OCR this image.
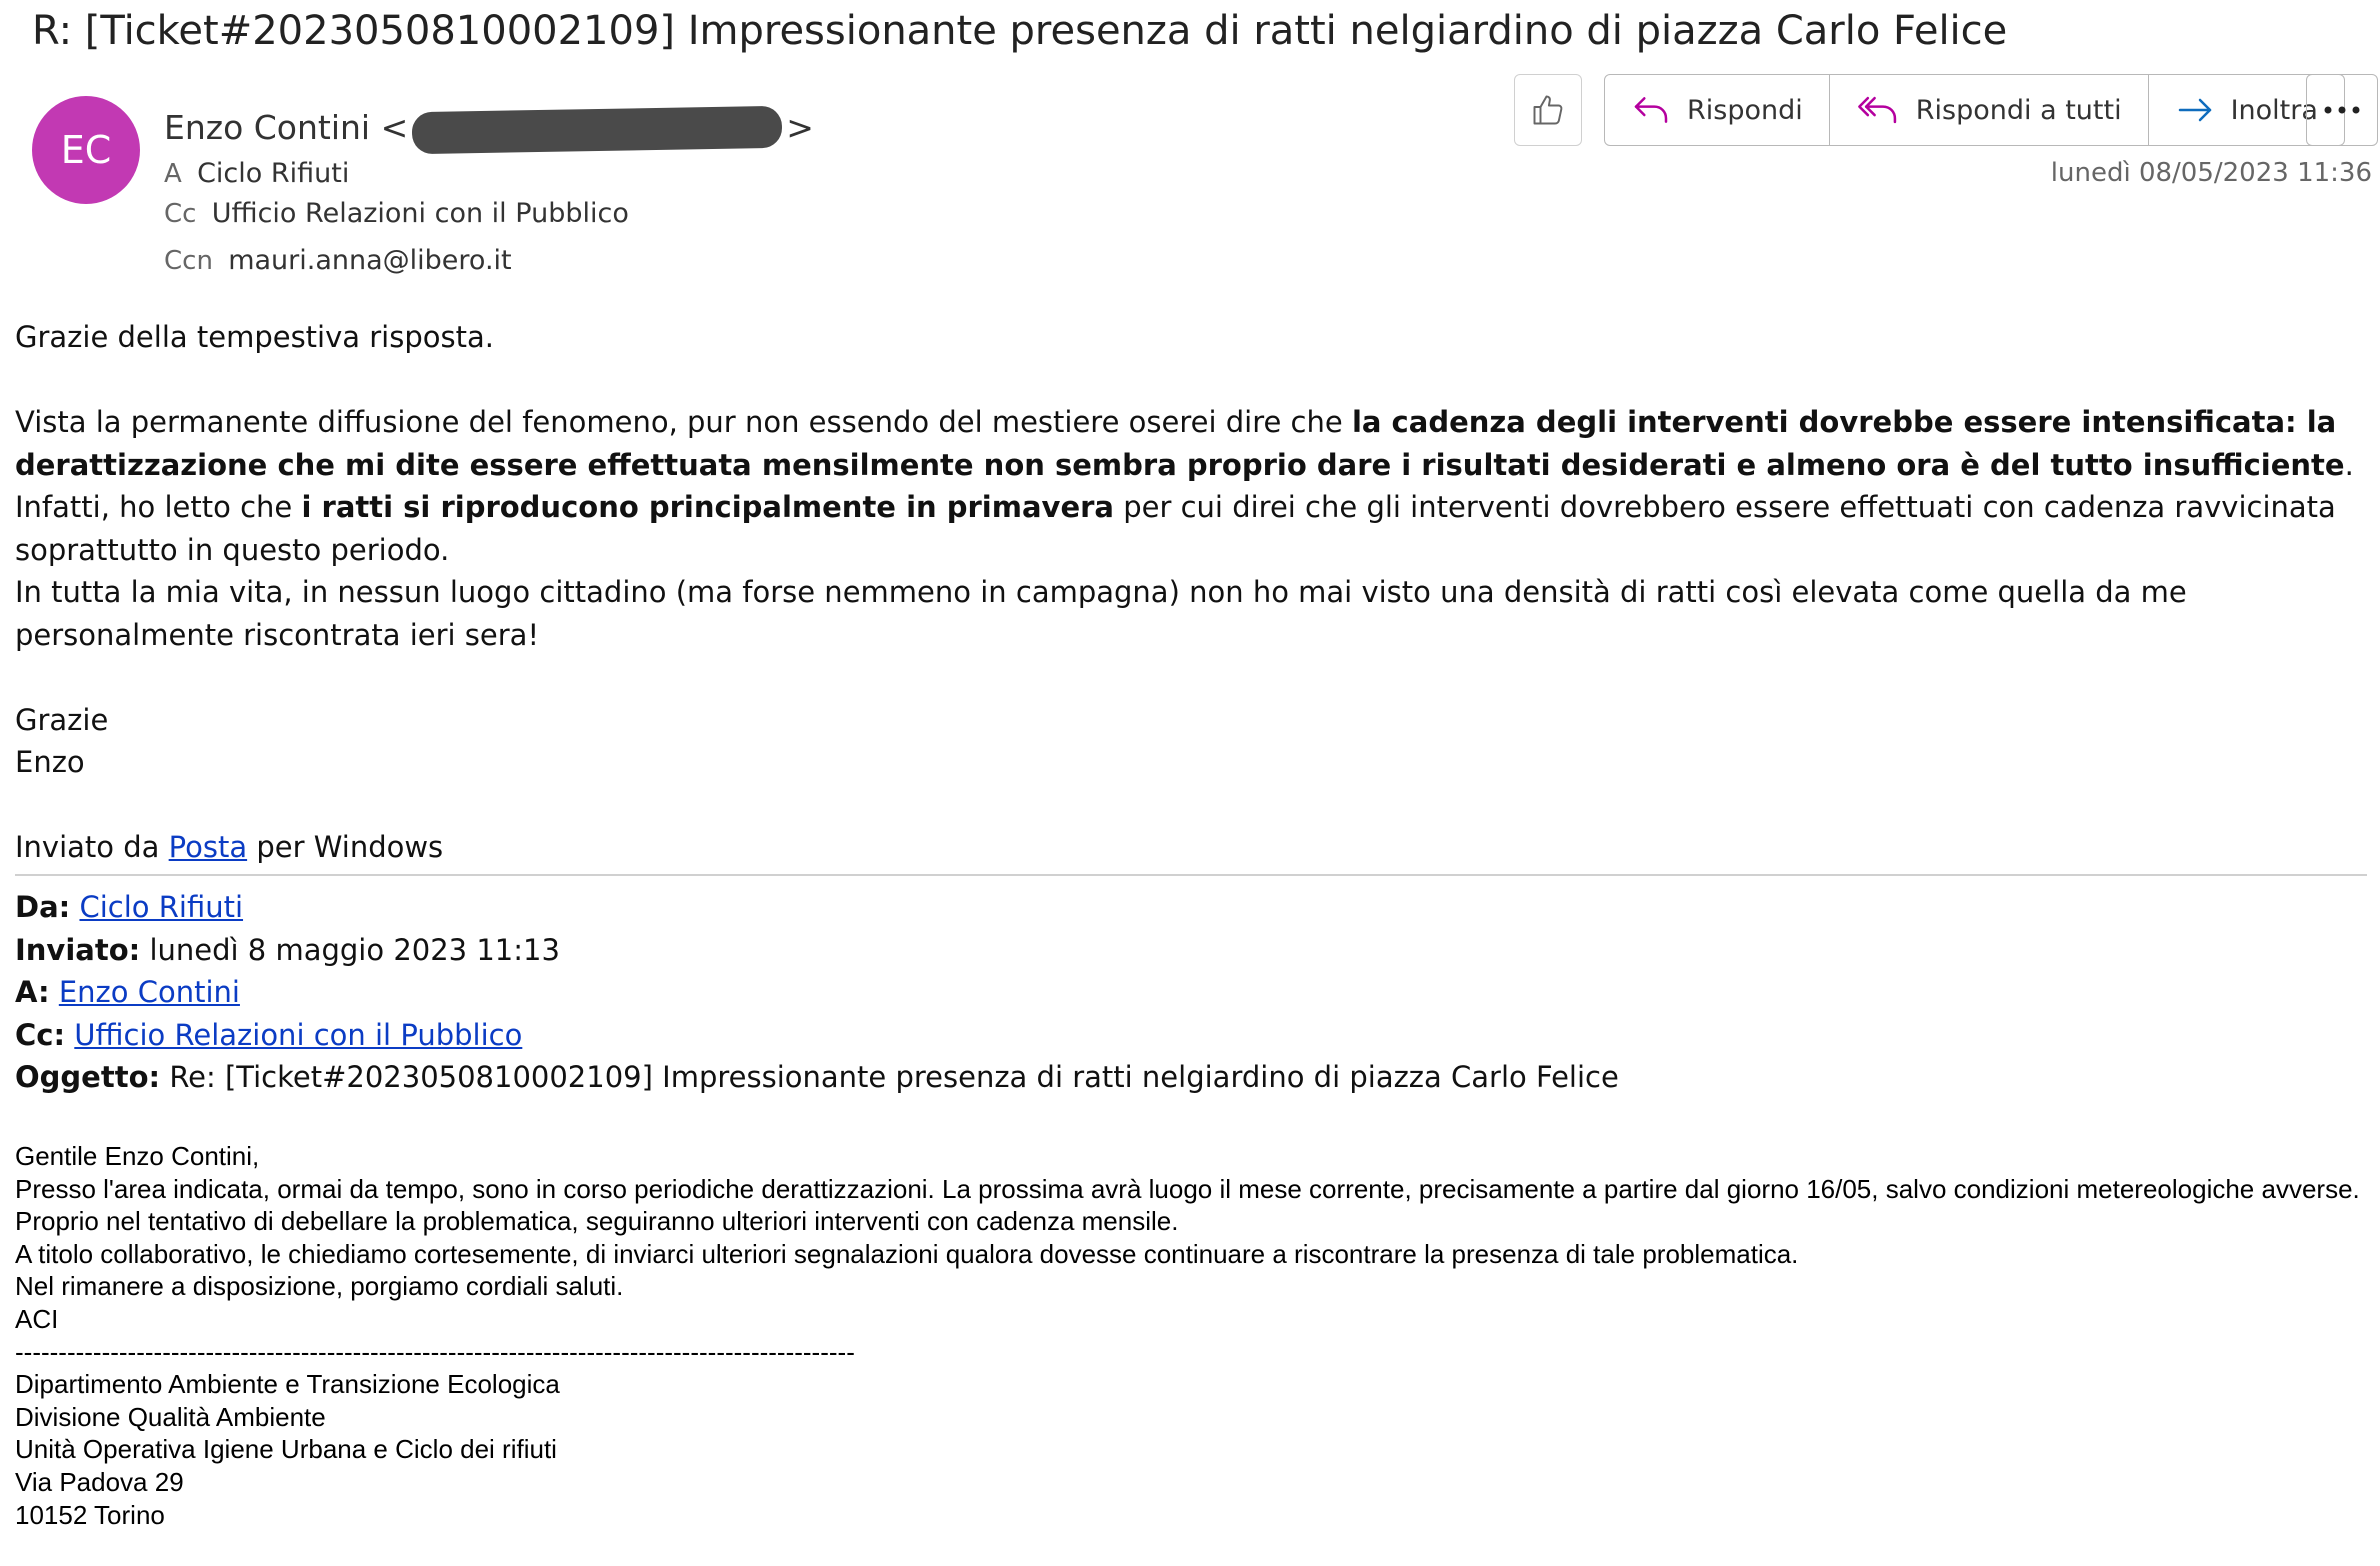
R: [Ticket#2023050810002109] Impressionante presenza di ratti nelgiardino di piazza Carlo Felice
EC
Enzo Contini <	>
A Ciclo Rifiuti
Cc Ufficio Relazioni con il Pubblico
Ccn mauri.anna@libero.it
lunedì 08/05/2023 11:36
Rispondi	Rispondi a tutti	Inoltra

Grazie della tempestiva risposta.

Vista la permanente diffusione del fenomeno, pur non essendo del mestiere oserei dire che la cadenza degli interventi dovrebbe essere intensificata: la derattizzazione che mi dite essere effettuata mensilmente non sembra proprio dare i risultati desiderati e almeno ora è del tutto insufficiente. Infatti, ho letto che i ratti si riproducono principalmente in primavera per cui direi che gli interventi dovrebbero essere effettuati con cadenza ravvicinata soprattutto in questo periodo.

In tutta la mia vita, in nessun luogo cittadino (ma forse nemmeno in campagna) non ho mai visto una densità di ratti così elevata come quella da me personalmente riscontrata ieri sera!

Grazie

Enzo

Inviato da Posta per Windows

Da: Ciclo Rifiuti
Inviato: lunedì 8 maggio 2023 11:13
A: Enzo Contini
Cc: Ufficio Relazioni con il Pubblico
Oggetto: Re: [Ticket#2023050810002109] Impressionante presenza di ratti nelgiardino di piazza Carlo Felice
Gentile Enzo Contini,
Presso l'area indicata, ormai da tempo, sono in corso periodiche derattizzazioni. La prossima avrà luogo il mese corrente, precisamente a partire dal giorno 16/05, salvo condizioni metereologiche avverse.
Proprio nel tentativo di debellare la problematica, seguiranno ulteriori interventi con cadenza mensile.
A titolo collaborativo, le chiediamo cortesemente, di inviarci ulteriori segnalazioni qualora dovesse continuare a riscontrare la presenza di tale problematica.
Nel rimanere a disposizione, porgiamo cordiali saluti.
ACI
-------------------------------------------------------------------------------------------------
Dipartimento Ambiente e Transizione Ecologica
Divisione Qualità Ambiente
Unità Operativa Igiene Urbana e Ciclo dei rifiuti
Via Padova 29
10152 Torino
